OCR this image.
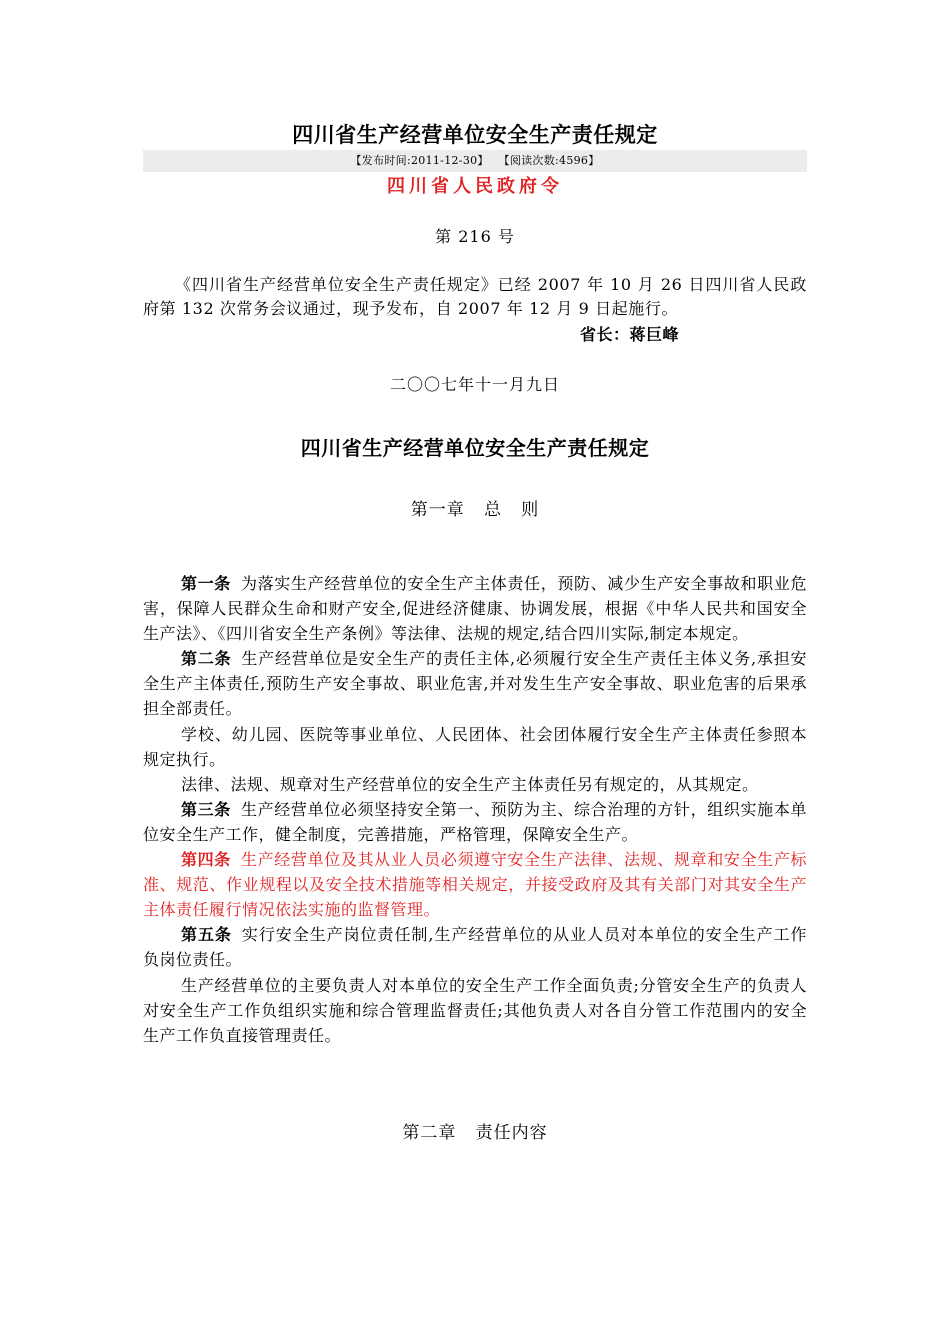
四川省生产经营单位安全生产责任规定
【发布时间:2011-12-30】 【阅读次数:4596】
四川省人民政府令
第 216 号

《四川省生产经营单位安全生产责任规定》已经 2007 年 10 月 26 日四川省人民政府第 132 次常务会议通过，现予发布，自 2007 年 12 月 9 日起施行。

省长：蒋巨峰
二〇〇七年十一月九日
四川省生产经营单位安全生产责任规定
第一章   总   则

第一条 为落实生产经营单位的安全生产主体责任，预防、减少生产安全事故和职业危害，保障人民群众生命和财产安全,促进经济健康、协调发展，根据《中华人民共和国安全生产法》、《四川省安全生产条例》等法律、法规的规定,结合四川实际,制定本规定。

第二条 生产经营单位是安全生产的责任主体,必须履行安全生产责任主体义务,承担安全生产主体责任,预防生产安全事故、职业危害,并对发生生产安全事故、职业危害的后果承担全部责任。

学校、幼儿园、医院等事业单位、人民团体、社会团体履行安全生产主体责任参照本规定执行。

法律、法规、规章对生产经营单位的安全生产主体责任另有规定的，从其规定。

第三条 生产经营单位必须坚持安全第一、预防为主、综合治理的方针，组织实施本单位安全生产工作，健全制度，完善措施，严格管理，保障安全生产。

第四条 生产经营单位及其从业人员必须遵守安全生产法律、法规、规章和安全生产标准、规范、作业规程以及安全技术措施等相关规定，并接受政府及其有关部门对其安全生产主体责任履行情况依法实施的监督管理。

第五条 实行安全生产岗位责任制,生产经营单位的从业人员对本单位的安全生产工作负岗位责任。

生产经营单位的主要负责人对本单位的安全生产工作全面负责;分管安全生产的负责人对安全生产工作负组织实施和综合管理监督责任;其他负责人对各自分管工作范围内的安全生产工作负直接管理责任。

第二章   责任内容
